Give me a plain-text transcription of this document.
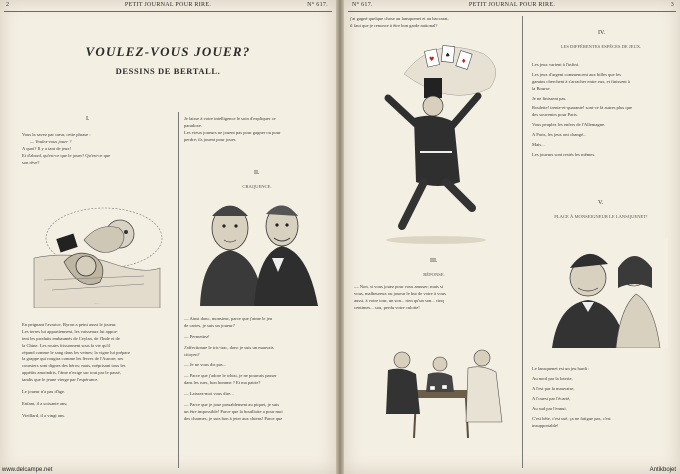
2	PETIT JOURNAL POUR RIRE.	N° 617.
VOULEZ-VOUS JOUER?
DESSINS DE BERTALL.
I.
Vous la savez par cœur, cette phrase :
— Voulez-vous jouer ?
A quoi? Il y a tant de jeux!
Et d'abord, qu'est-ce que le jouer? Qu'est-ce que
son rêve?
.....
En peignant l'avarice, Byron a peint aussi le joueur.
Les terres lui appartiennent, les vaisseaux lui appor-
tent les produits embaumés de Ceylan, de l'Inde et de
la Chine. Les routes frissonnent sous la vie qu'il
répand comme le sang dans les veines; la vigne lui prépare
la grappe qui rougira comme les lèvres de l'Aurore; ses
coursiers sont dignes des héros; mais, méprisant tous les
appétits amoindris, l'âme n'exige sur tout par le passé,
tandis que le jeune vierge par l'espérance.
Le joueur n'a pas d'âge.
Enfant, il a soixante ans;
Vieillard, il a vingt ans.
Je laisse à votre intelligence le soin d'expliquer ce
paradoxe.
Les vieux joueurs ne jouent pas pour gagner ou pour
perdre; ils jouent pour jouer.
II.
CRAQUENCE.
— Ainsi donc, monsieur, parce que j'aime le jeu
de cartes, je suis un joueur?
— Permettez!
J'affectionne le tric-trac, donc je suis un mauvais
citoyen?
— Je ne vous dis pas...
— Parce que j'adore le whist, je ne pourrais passer
dans les rues, bon homme ? Et ma patrie?
— Laissez-moi vous dire...
— Parce que je joue passablement au piquet, je suis
un être impossible! Parce que la bouillotte a pour moi
des charmes, je suis bon à jeter aux chiens! Parce que
N° 617.	PETIT JOURNAL POUR RIRE.	3
j'ai gagné quelque chose au lansquenet et au baccarat,
il faut que je renonce à être bon garde national?
♥
♠
♦
III.
RÉPONSE.
— Non, si vous jouez pour vous amuser; mais si
vous, malheureux ou joueur le but de votre à vous
aussi, à votre tour, un son... rien qu'un son... cinq
centimes... sou, perdu votre culotte!
IV.
LES DIFFÉRENTES ESPÈCES DE JEUX.
Les jeux varient à l'infini.
Les jeux d'argent commencent aux billes que les
gamins cherchent à s'arracher entre eux, et finissent à
la Bourse.
Je ne finissent pas.
Roulette! trente-et-quarante! sont-ce là autres plus que
des souvenirs pour Paris.
Vous peuplez les enfers de l'Allemagne.
A Paris, les jeux ont changé...
Mais...
Les joueurs sont restés les mêmes.
V.
PLACE À MONSEIGNEUR LE LANSQUENET!
Le lansquenet est un jeu hardi :
Au nord par la loterie,
A l'est par la mauvaise,
A l'ouest par l'écarté,
Au sud par l'ennui.
C'est bête, c'est usé, ça ne fatigue pas, c'est
insupportable!
www.delcampe.net	Antikbojet
